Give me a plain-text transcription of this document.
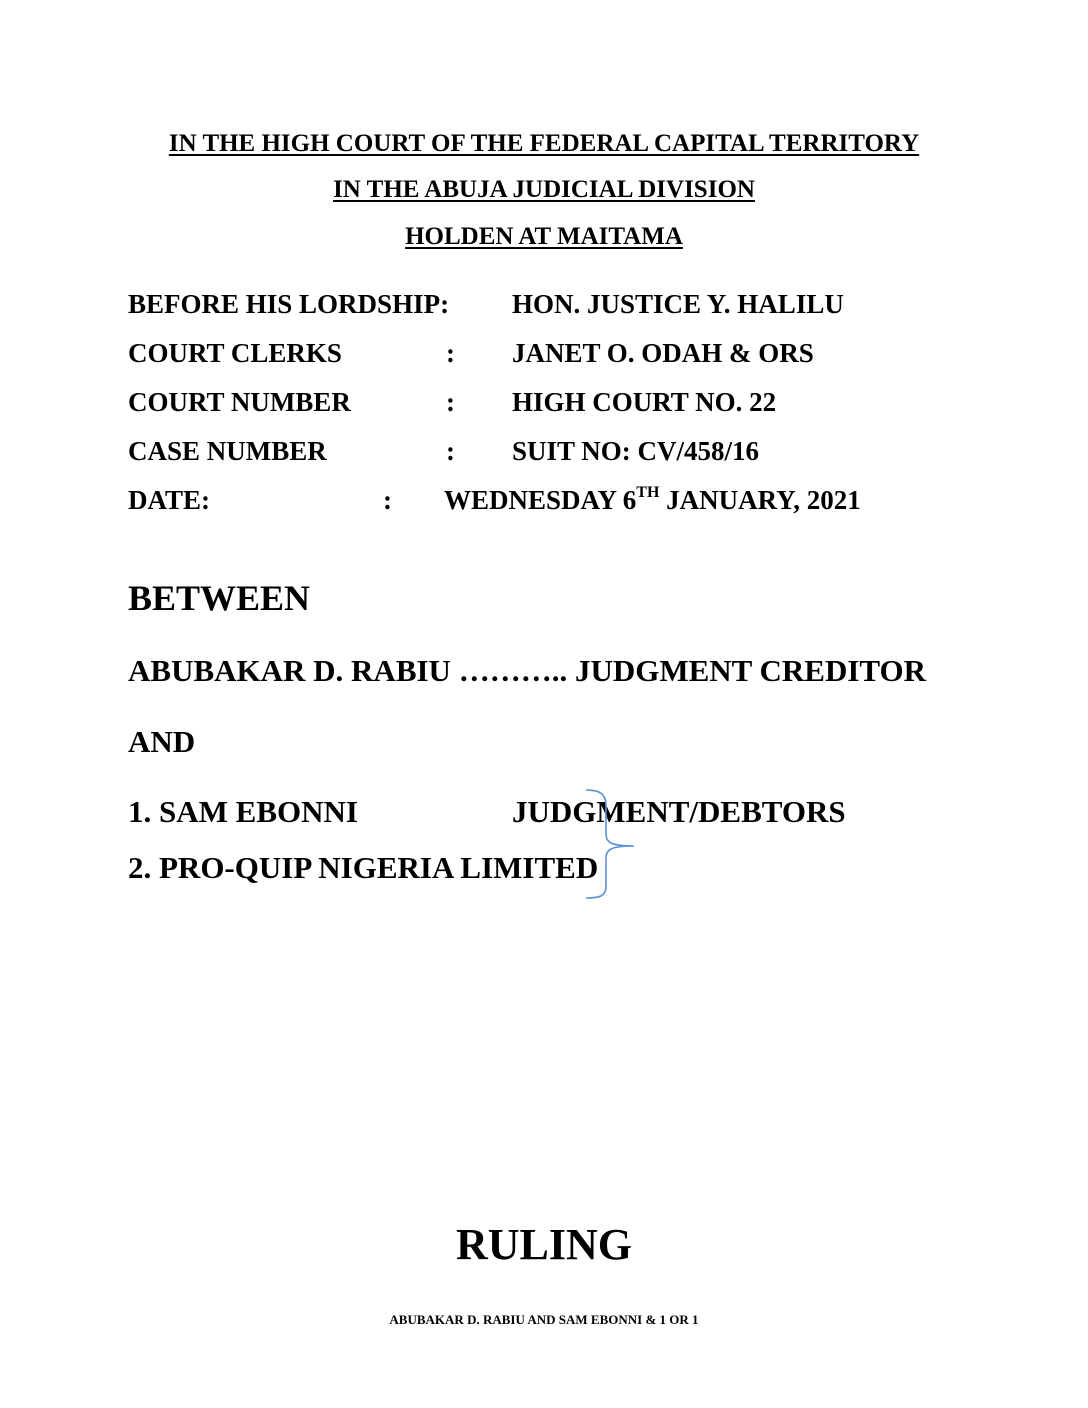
IN THE HIGH COURT OF THE FEDERAL CAPITAL TERRITORY
IN THE ABUJA JUDICIAL DIVISION
HOLDEN AT MAITAMA
BEFORE HIS LORDSHIP: HON. JUSTICE Y. HALILU
COURT CLERKS	: JANET O. ODAH & ORS
COURT NUMBER	: HIGH COURT NO. 22
CASE NUMBER	: SUIT NO: CV/458/16
DATE:	: WEDNESDAY 6TH JANUARY, 2021
BETWEEN
ABUBAKAR D. RABIU ……….. JUDGMENT CREDITOR
AND
1. SAM EBONNI	JUDGMENT/DEBTORS
2. PRO-QUIP NIGERIA LIMITED
RULING
ABUBAKAR D. RABIU AND SAM EBONNI & 1 OR 1
